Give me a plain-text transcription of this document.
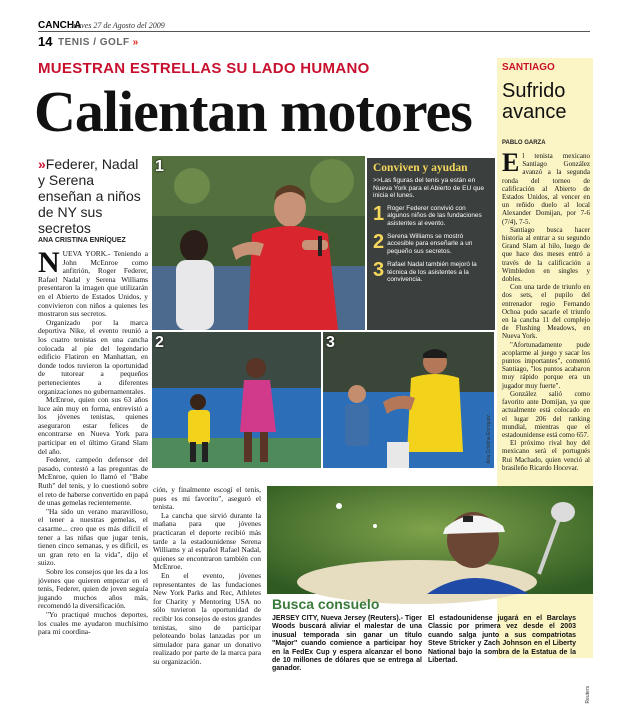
CANCHA
Jueves 27 de Agosto del 2009
14 TENIS / GOLF »
MUESTRAN ESTRELLAS SU LADO HUMANO
Calientan motores
»Federer, Nadal y Serena enseñan a niños de NY sus secretos
ANA CRISTINA ENRÍQUEZ

NUEVA YORK.- Teniendo a John McEnroe como anfitrión, Roger Federer, Rafael Nadal y Serena Williams presentaron la imagen que utilizarán en el Abierto de Estados Unidos, y convivieron con niños a quienes les mostraron sus secretos.

Organizado por la marca deportiva Nike, el evento reunió a los cuatro tenistas en una cancha colocada al pie del legendario edificio Flatiron en Manhattan, en donde todos tuvieron la oportunidad de tutorear a pequeños pertenecientes a diferentes organizaciones no gubernamentales.

McEnroe, quien con sus 63 años luce aún muy en forma, entrevistó a los jóvenes tenistas, quienes aseguraron estar felices de encontrarse en Nueva York para participar en el último Grand Slam del año.

Federer, campeón defensor del pasado, contestó a las preguntas de McEnroe, quien lo llamó el "Babe Ruth" del tenis, y lo cuestionó sobre el reto de haberse convertido en papá de unas gemelas recientemente.

"Ha sido un verano maravilloso, el tener a nuestras gemelas, el casarme... creo que es más difícil el tener a las niñas que jugar tenis, tienen cinco semanas, y es difícil, es un gran reto en la vida", dijo el suizo.

Sobre los consejos que les da a los jóvenes que quieren empezar en el tenis, Federer, quien de joven seguía jugando muchos años más, recomendó la diversificación.

"Yo practiqué muchos deportes, los cuales me ayudaron muchísimo para mi coordina-

ción, y finalmente escogí el tenis, pues es mi favorito", aseguró el tenista.

La cancha que sirvió durante la mañana para que jóvenes practicaran el deporte recibió más tarde a la estadounidense Serena Williams y al español Rafael Nadal, quienes se encontraron también con McEnroe.

En el evento, jóvenes representantes de las fundaciones New York Parks and Rec, Athletes for Charity y Mentoring USA no sólo tuvieron la oportunidad de recibir los consejos de estos grandes tenistas, sino de participar peloteando bolas lanzadas por un simulador para ganar un donativo realizado por parte de la marca para su organización.

1	Conviven y ayudan
>>Las figuras del tenis ya están en Nueva York para el Abierto de EU que inicia el lunes.
1 Roger Federer convivió con algunos niños de las fundaciones asistentes al evento.
2 Serena Williams se mostró accesible para enseñarle a un pequeño sus secretos.
3 Rafael Nadal también mejoró la técnica de los asistentes a la convivencia.
2	3
Ana Cristina Enríquez
SANTIAGO
Sufrido avance
PABLO GARZA

El tenista mexicano Santiago González avanzó a la segunda ronda del torneo de calificación al Abierto de Estados Unidos, al vencer en un reñido duelo al local Alexander Domijan, por 7-6 (7/4), 7-5.

Santiago busca hacer historia al entrar a su segundo Grand Slam al hilo, luego de que hace dos meses entró a través de la calificación a Wimbledon en singles y dobles.

Con una tarde de triunfo en dos sets, el pupilo del entrenador regio Fernando Ochoa pudo sacarle el triunfo en la cancha 11 del complejo de Flushing Meadows, en Nueva York.

"Afortunadamente pude acoplarme al juego y sacar los puntos importantes", comentó Santiago, "los puntos acabaron muy rápido porque era un jugador muy fuerte".

González salió como favorito ante Domijan, ya que actualmente está colocado en el lugar 206 del ranking mundial, mientras que el estadounidense está como 657.

El próximo rival hoy del mexicano será el portugués Rui Machado, quien venció al brasileño Ricardo Hocevar.

Reuters
Busca consuelo
JERSEY CITY, Nueva Jersey (Reuters).- Tiger Woods buscará aliviar el malestar de una inusual temporada sin ganar un título "Major" cuando comience a participar hoy en la FedEx Cup y espera alcanzar el bono de 10 millones de dólares que se entrega al ganador.
El estadounidense jugará en el Barclays Classic por primera vez desde el 2003 cuando salga junto a sus compatriotas Steve Stricker y Zach Johnson en el Liberty National bajo la sombra de la Estatua de la Libertad.
